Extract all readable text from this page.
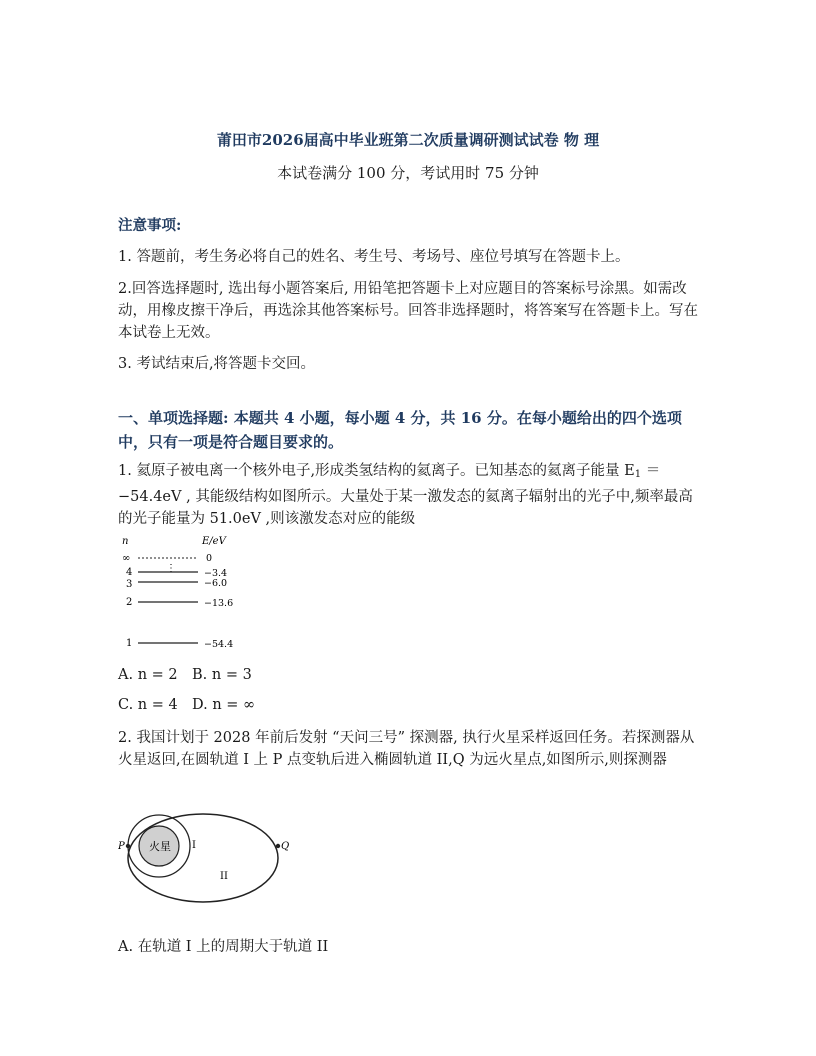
莆田市2026届高中毕业班第二次质量调研测试试卷 物 理
本试卷满分 100 分，考试用时 75 分钟
注意事项:
1. 答题前，考生务必将自己的姓名、考生号、考场号、座位号填写在答题卡上。
2.回答选择题时, 选出每小题答案后, 用铅笔把答题卡上对应题目的答案标号涂黑。如需改动，用橡皮擦干净后，再选涂其他答案标号。回答非选择题时，将答案写在答题卡上。写在本试卷上无效。
3. 考试结束后,将答题卡交回。
一、单项选择题: 本题共 4 小题，每小题 4 分，共 16 分。在每小题给出的四个选项中，只有一项是符合题目要求的。
1. 氦原子被电离一个核外电子,形成类氢结构的氦离子。已知基态的氦离子能量 E1 ＝−54.4eV , 其能级结构如图所示。大量处于某一激发态的氦离子辐射出的光子中,频率最高的光子能量为 51.0eV ,则该激发态对应的能级
n	E/eV
∞	0
⋮
4	−3.4
3	−6.0
2	−13.6
1	−54.4
A. n = 2 B. n = 3
C. n = 4 D. n = ∞
2. 我国计划于 2028 年前后发射 “天问三号” 探测器, 执行火星采样返回任务。若探测器从火星返回,在圆轨道 I 上 P 点变轨后进入椭圆轨道 II,Q 为远火星点,如图所示,则探测器
火星
P	Q
I
II
A. 在轨道 I 上的周期大于轨道 II
